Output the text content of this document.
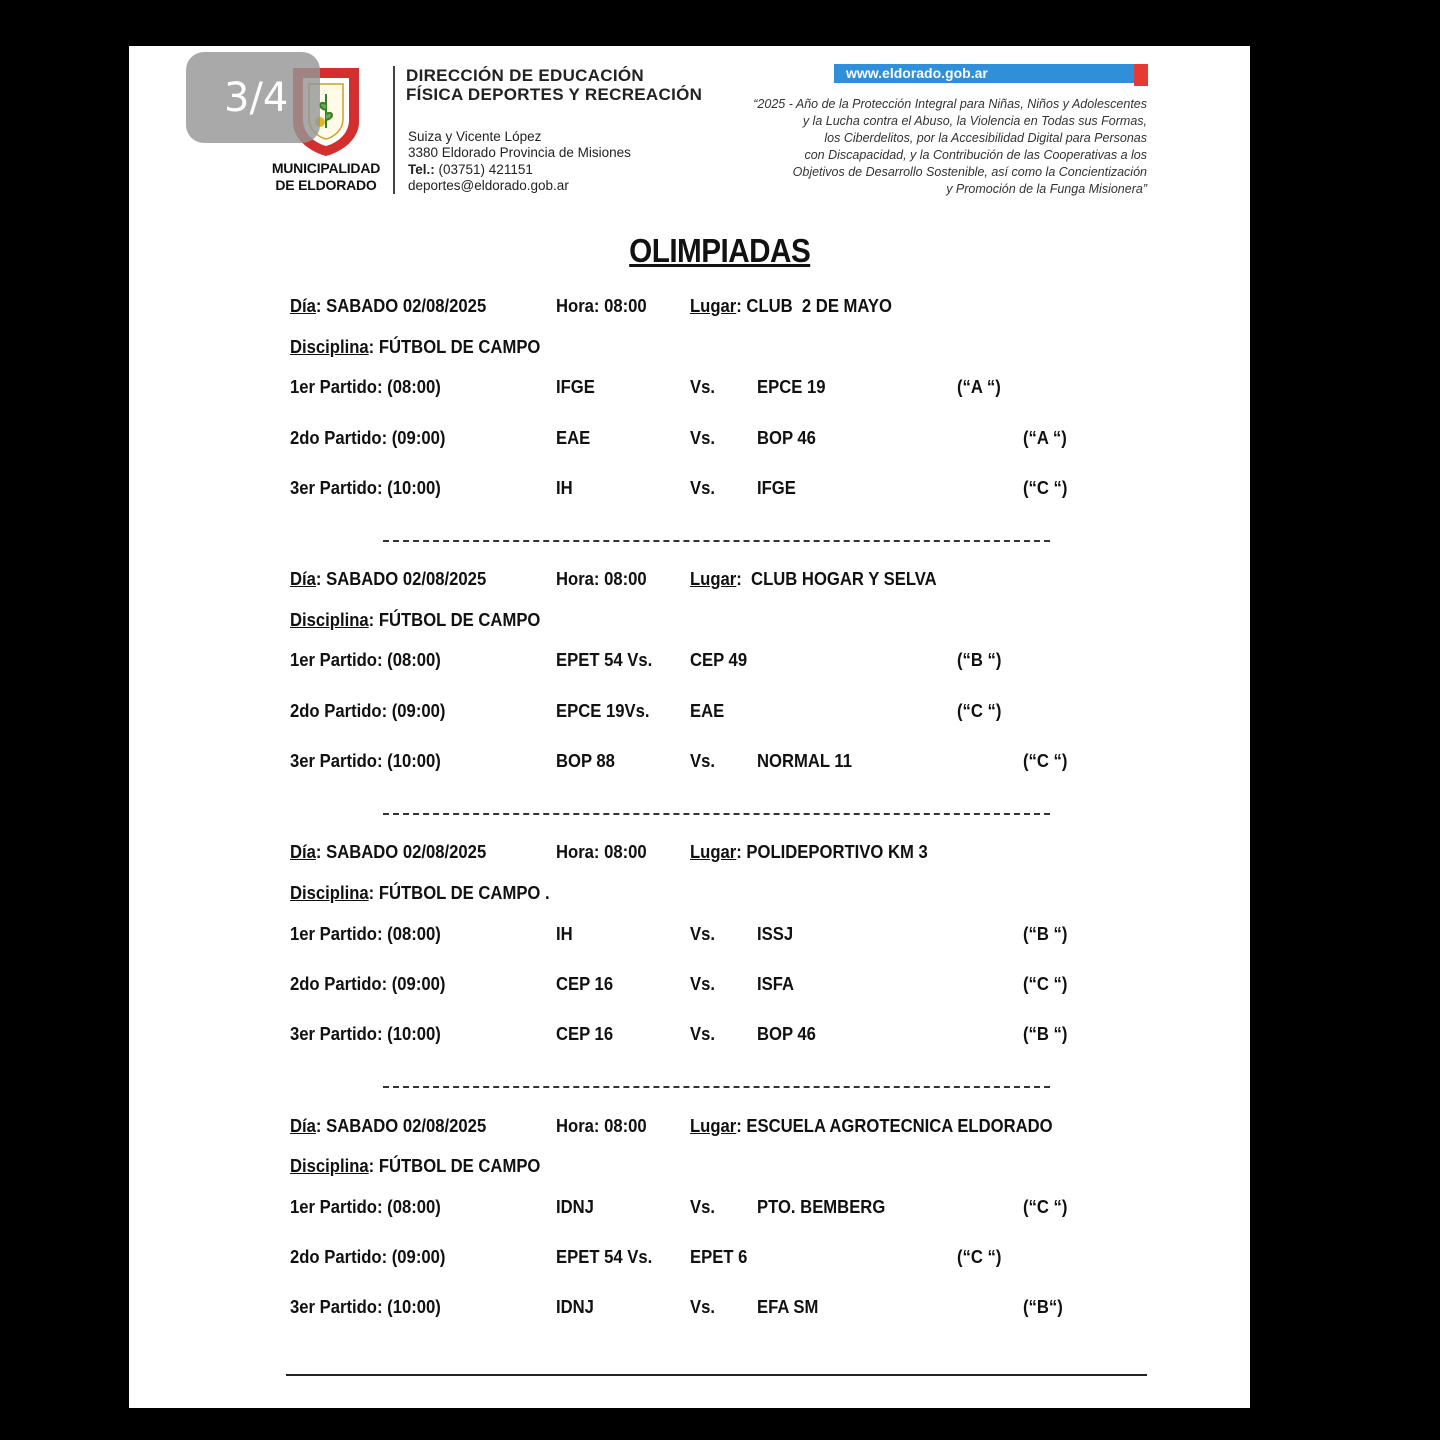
3/4
MUNICIPALIDAD
DE ELDORADO
DIRECCIÓN DE EDUCACIÓN
FÍSICA DEPORTES Y RECREACIÓN
Suiza y Vicente López
3380 Eldorado Provincia de Misiones
Tel.: (03751) 421151
deportes@eldorado.gob.ar
www.eldorado.gob.ar
“2025 - Año de la Protección Integral para Niñas, Niños y Adolescentes
y la Lucha contra el Abuso, la Violencia en Todas sus Formas,
los Ciberdelitos, por la Accesibilidad Digital para Personas
con Discapacidad, y la Contribución de las Cooperativas a los
Objetivos de Desarrollo Sostenible, así como la Concientización
y Promoción de la Funga Misionera”
OLIMPIADAS
Día: SABADO 02/08/2025	Hora: 08:00 Lugar: CLUB  2 DE MAYO
Disciplina: FÚTBOL DE CAMPO
1er Partido: (08:00)	IFGE	Vs. EPCE 19	(“A “)
2do Partido: (09:00)	EAE	Vs. BOP 46	(“A “)
3er Partido: (10:00)	IH	Vs. IFGE	(“C “)
Día: SABADO 02/08/2025	Hora: 08:00 Lugar:  CLUB HOGAR Y SELVA
Disciplina: FÚTBOL DE CAMPO
1er Partido: (08:00)	EPET 54 Vs. CEP 49	(“B “)
2do Partido: (09:00)	EPCE 19Vs. EAE	(“C “)
3er Partido: (10:00)	BOP 88	Vs. NORMAL 11	(“C “)
Día: SABADO 02/08/2025	Hora: 08:00 Lugar: POLIDEPORTIVO KM 3
Disciplina: FÚTBOL DE CAMPO .
1er Partido: (08:00)	IH	Vs. ISSJ	(“B “)
2do Partido: (09:00)	CEP 16	Vs. ISFA	(“C “)
3er Partido: (10:00)	CEP 16	Vs. BOP 46	(“B “)
Día: SABADO 02/08/2025	Hora: 08:00 Lugar: ESCUELA AGROTECNICA ELDORADO
Disciplina: FÚTBOL DE CAMPO
1er Partido: (08:00)	IDNJ	Vs. PTO. BEMBERG	(“C “)
2do Partido: (09:00)	EPET 54 Vs. EPET 6	(“C “)
3er Partido: (10:00)	IDNJ	Vs. EFA SM	(“B“)
